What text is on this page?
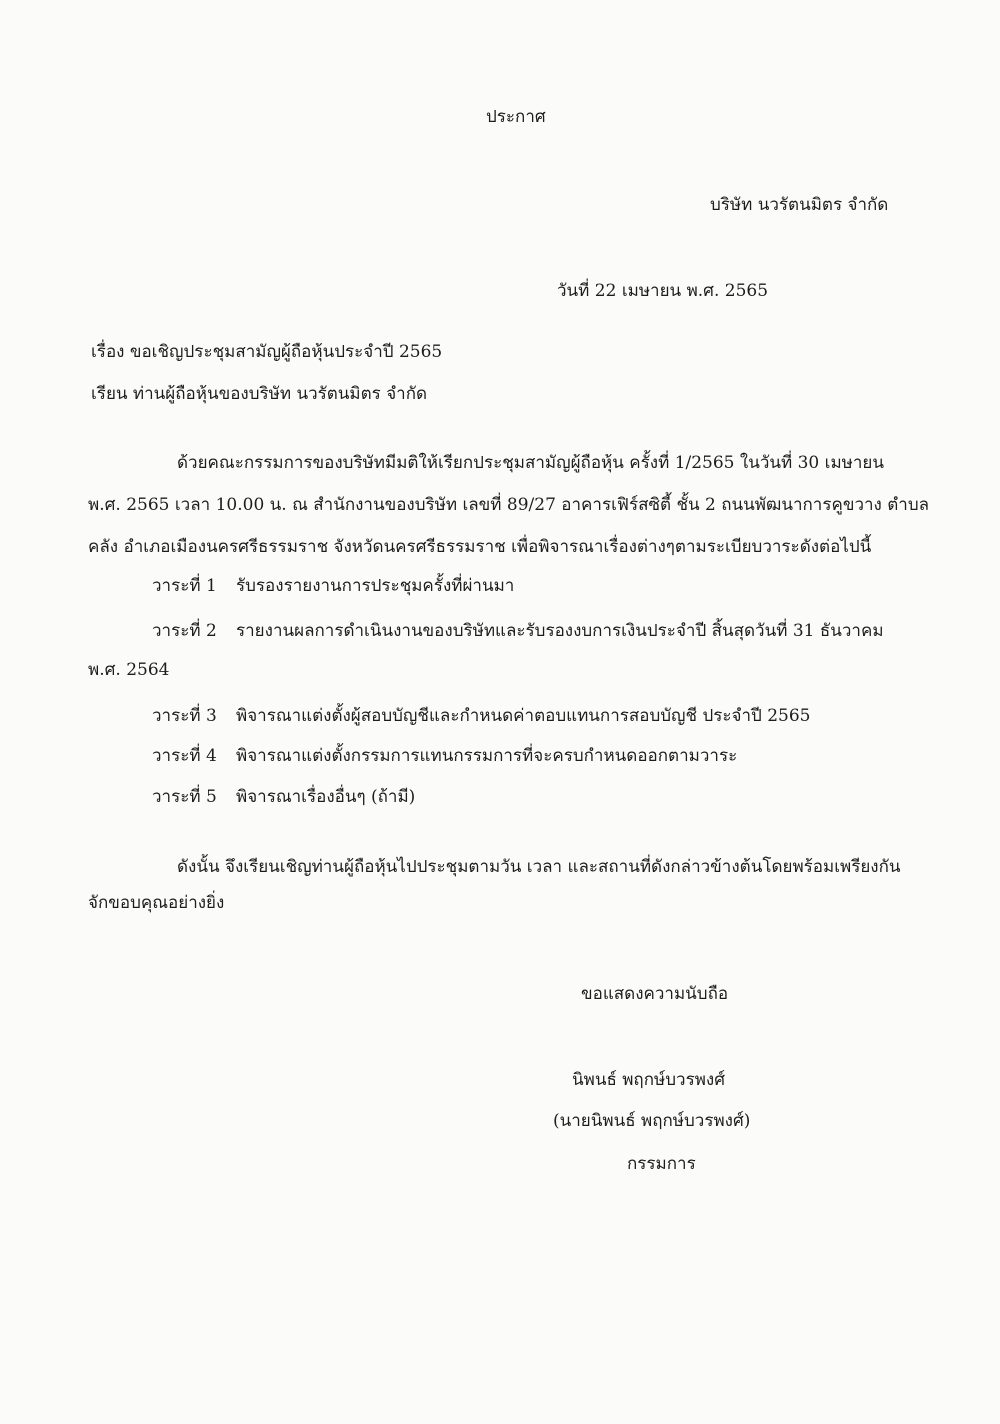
ประกาศ
บริษัท นวรัตนมิตร จำกัด
วันที่ 22 เมษายน พ.ศ. 2565
เรื่อง ขอเชิญประชุมสามัญผู้ถือหุ้นประจำปี 2565
เรียน ท่านผู้ถือหุ้นของบริษัท นวรัตนมิตร จำกัด
ด้วยคณะกรรมการของบริษัทมีมติให้เรียกประชุมสามัญผู้ถือหุ้น ครั้งที่ 1/2565 ในวันที่ 30 เมษายน
พ.ศ. 2565 เวลา 10.00 น. ณ สำนักงานของบริษัท เลขที่ 89/27 อาคารเฟิร์สซิตี้ ชั้น 2 ถนนพัฒนาการคูขวาง ตำบล
คลัง อำเภอเมืองนครศรีธรรมราช จังหวัดนครศรีธรรมราช เพื่อพิจารณาเรื่องต่างๆตามระเบียบวาระดังต่อไปนี้
วาระที่ 1 รับรองรายงานการประชุมครั้งที่ผ่านมา
วาระที่ 2 รายงานผลการดำเนินงานของบริษัทและรับรองงบการเงินประจำปี สิ้นสุดวันที่ 31 ธันวาคม
พ.ศ. 2564
วาระที่ 3 พิจารณาแต่งตั้งผู้สอบบัญชีและกำหนดค่าตอบแทนการสอบบัญชี ประจำปี 2565
วาระที่ 4 พิจารณาแต่งตั้งกรรมการแทนกรรมการที่จะครบกำหนดออกตามวาระ
วาระที่ 5 พิจารณาเรื่องอื่นๆ (ถ้ามี)
ดังนั้น จึงเรียนเชิญท่านผู้ถือหุ้นไปประชุมตามวัน เวลา และสถานที่ดังกล่าวข้างต้นโดยพร้อมเพรียงกัน
จักขอบคุณอย่างยิ่ง
ขอแสดงความนับถือ
นิพนธ์ พฤกษ์บวรพงศ์
(นายนิพนธ์ พฤกษ์บวรพงศ์)
กรรมการ
